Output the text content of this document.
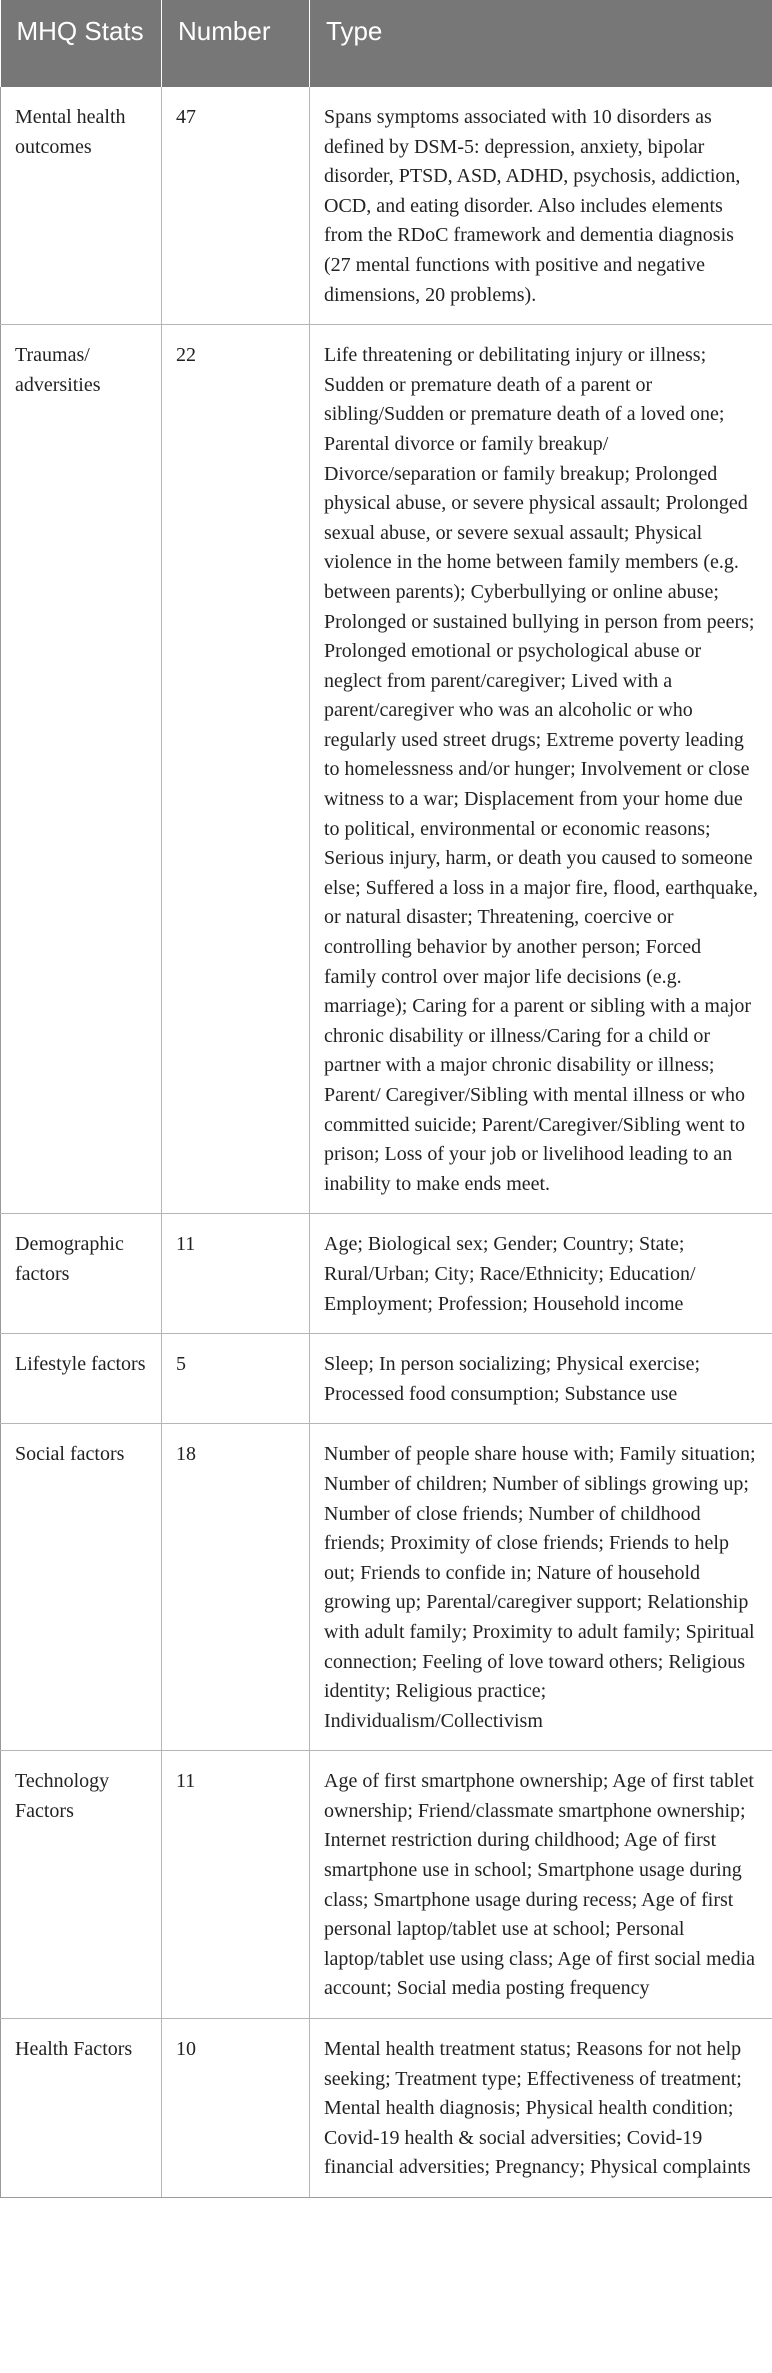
MHQ Stats	Number	Type
Mental health outcomes	47	Spans symptoms associated with 10 disorders as defined by DSM-5: depression, anxiety, bipolar disorder, PTSD, ASD, ADHD, psychosis, addiction, OCD, and eating disorder. Also includes elements from the RDoC framework and dementia diagnosis (27 mental functions with positive and negative dimensions, 20 problems).
Traumas/ adversities	22	Life threatening or debilitating injury or illness; Sudden or premature death of a parent or sibling/Sudden or premature death of a loved one; Parental divorce or family breakup/ Divorce/separation or family breakup; Prolonged physical abuse, or severe physical assault; Prolonged sexual abuse, or severe sexual assault; Physical violence in the home between family members (e.g. between parents); Cyberbullying or online abuse; Prolonged or sustained bullying in person from peers; Prolonged emotional or psychological abuse or neglect from parent/caregiver; Lived with a parent/caregiver who was an alcoholic or who regularly used street drugs; Extreme poverty leading to homelessness and/or hunger; Involvement or close witness to a war; Displacement from your home due to political, environmental or economic reasons; Serious injury, harm, or death you caused to someone else; Suffered a loss in a major fire, flood, earthquake, or natural disaster; Threatening, coercive or controlling behavior by another person; Forced family control over major life decisions (e.g. marriage); Caring for a parent or sibling with a major chronic disability or illness/Caring for a child or partner with a major chronic disability or illness; Parent/ Caregiver/Sibling with mental illness or who committed suicide; Parent/Caregiver/Sibling went to prison; Loss of your job or livelihood leading to an inability to make ends meet.
Demographic factors	11	Age; Biological sex; Gender; Country; State; Rural/Urban; City; Race/Ethnicity; Education/ Employment; Profession; Household income
Lifestyle factors	5	Sleep; In person socializing; Physical exercise; Processed food consumption; Substance use
Social factors	18	Number of people share house with; Family situation; Number of children; Number of siblings growing up; Number of close friends; Number of childhood friends; Proximity of close friends; Friends to help out; Friends to confide in; Nature of household growing up; Parental/caregiver support; Relationship with adult family; Proximity to adult family; Spiritual connection; Feeling of love toward others; Religious identity; Religious practice; Individualism/Collectivism
Technology Factors	11	Age of first smartphone ownership; Age of first tablet ownership; Friend/classmate smartphone ownership; Internet restriction during childhood; Age of first smartphone use in school; Smartphone usage during class; Smartphone usage during recess; Age of first personal laptop/tablet use at school; Personal laptop/tablet use using class; Age of first social media account; Social media posting frequency
Health Factors	10	Mental health treatment status; Reasons for not help seeking; Treatment type; Effectiveness of treatment; Mental health diagnosis; Physical health condition; Covid-19 health & social adversities; Covid-19 financial adversities; Pregnancy; Physical complaints
